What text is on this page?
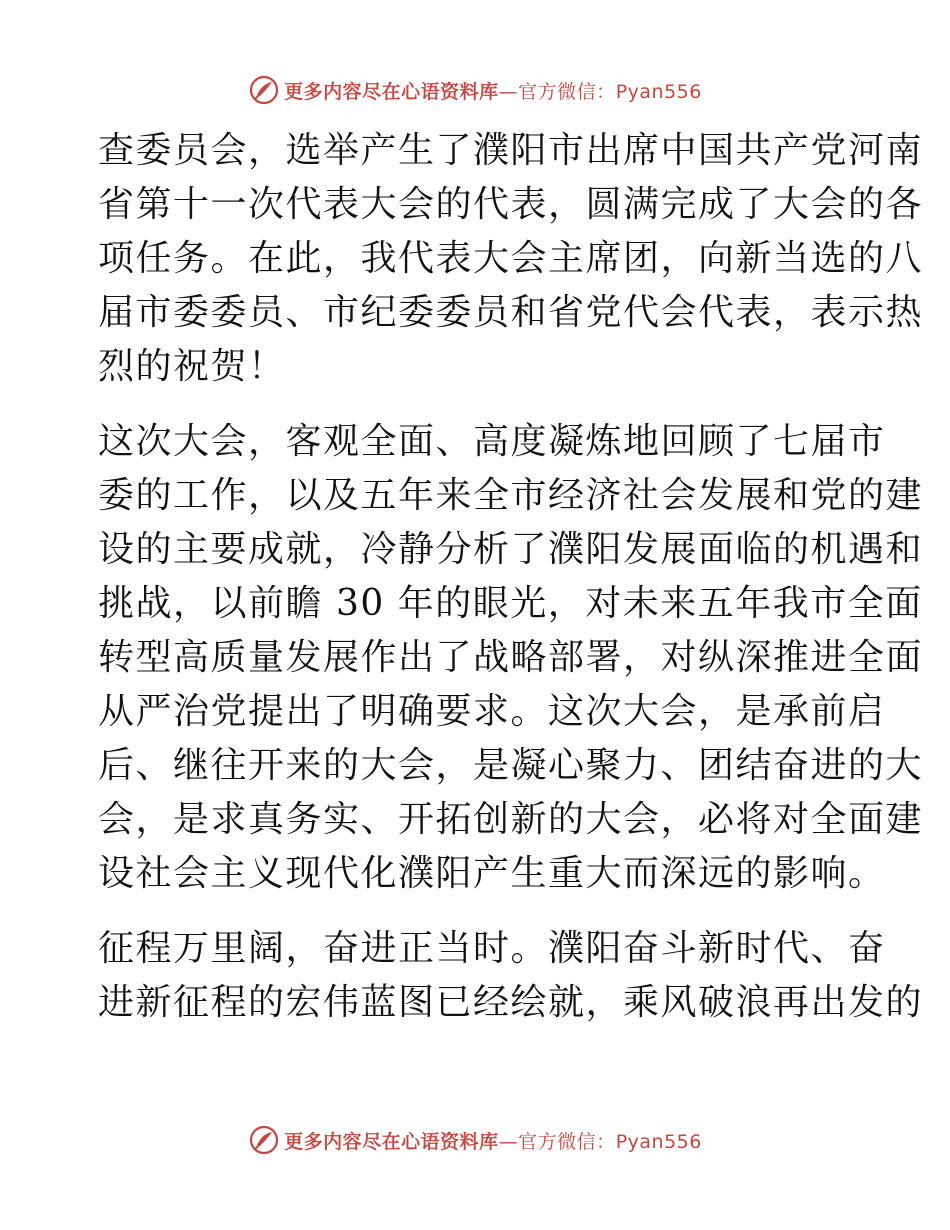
更多内容尽在心语资料库—官方微信：Pyan556
查委员会，选举产生了濮阳市出席中国共产党河南
省第十一次代表大会的代表，圆满完成了大会的各
项任务。在此，我代表大会主席团，向新当选的八
届市委委员、市纪委委员和省党代会代表，表示热
烈的祝贺！
这次大会，客观全面、高度凝炼地回顾了七届市
委的工作，以及五年来全市经济社会发展和党的建
设的主要成就，冷静分析了濮阳发展面临的机遇和
挑战，以前瞻 30 年的眼光，对未来五年我市全面
转型高质量发展作出了战略部署，对纵深推进全面
从严治党提出了明确要求。这次大会，是承前启
后、继往开来的大会，是凝心聚力、团结奋进的大
会，是求真务实、开拓创新的大会，必将对全面建
设社会主义现代化濮阳产生重大而深远的影响。
征程万里阔，奋进正当时。濮阳奋斗新时代、奋
进新征程的宏伟蓝图已经绘就，乘风破浪再出发的
更多内容尽在心语资料库—官方微信：Pyan556
